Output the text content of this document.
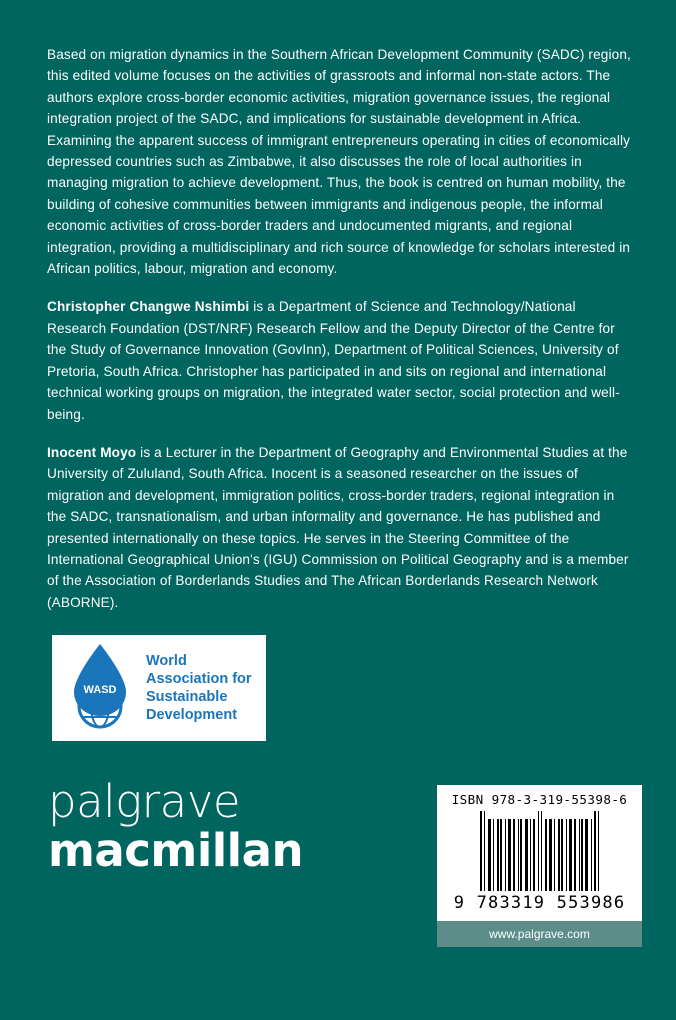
Based on migration dynamics in the Southern African Development Community (SADC) region, this edited volume focuses on the activities of grassroots and informal non-state actors. The authors explore cross-border economic activities, migration governance issues, the regional integration project of the SADC, and implications for sustainable development in Africa. Examining the apparent success of immigrant entrepreneurs operating in cities of economically depressed countries such as Zimbabwe, it also discusses the role of local authorities in managing migration to achieve development. Thus, the book is centred on human mobility, the building of cohesive communities between immigrants and indigenous people, the informal economic activities of cross-border traders and undocumented migrants, and regional integration, providing a multidisciplinary and rich source of knowledge for scholars interested in African politics, labour, migration and economy.

Christopher Changwe Nshimbi is a Department of Science and Technology/National Research Foundation (DST/NRF) Research Fellow and the Deputy Director of the Centre for the Study of Governance Innovation (GovInn), Department of Political Sciences, University of Pretoria, South Africa. Christopher has participated in and sits on regional and international technical working groups on migration, the integrated water sector, social protection and well-being.

Inocent Moyo is a Lecturer in the Department of Geography and Environmental Studies at the University of Zululand, South Africa. Inocent is a seasoned researcher on the issues of migration and development, immigration politics, cross-border traders, regional integration in the SADC, transnationalism, and urban informality and governance. He has published and presented internationally on these topics. He serves in the Steering Committee of the International Geographical Union's (IGU) Commission on Political Geography and is a member of the Association of Borderlands Studies and The African Borderlands Research Network (ABORNE).

WASD
World
Association for
Sustainable
Development
palgrave
macmillan
ISBN 978-3-319-55398-6
9 783319 553986
www.palgrave.com
